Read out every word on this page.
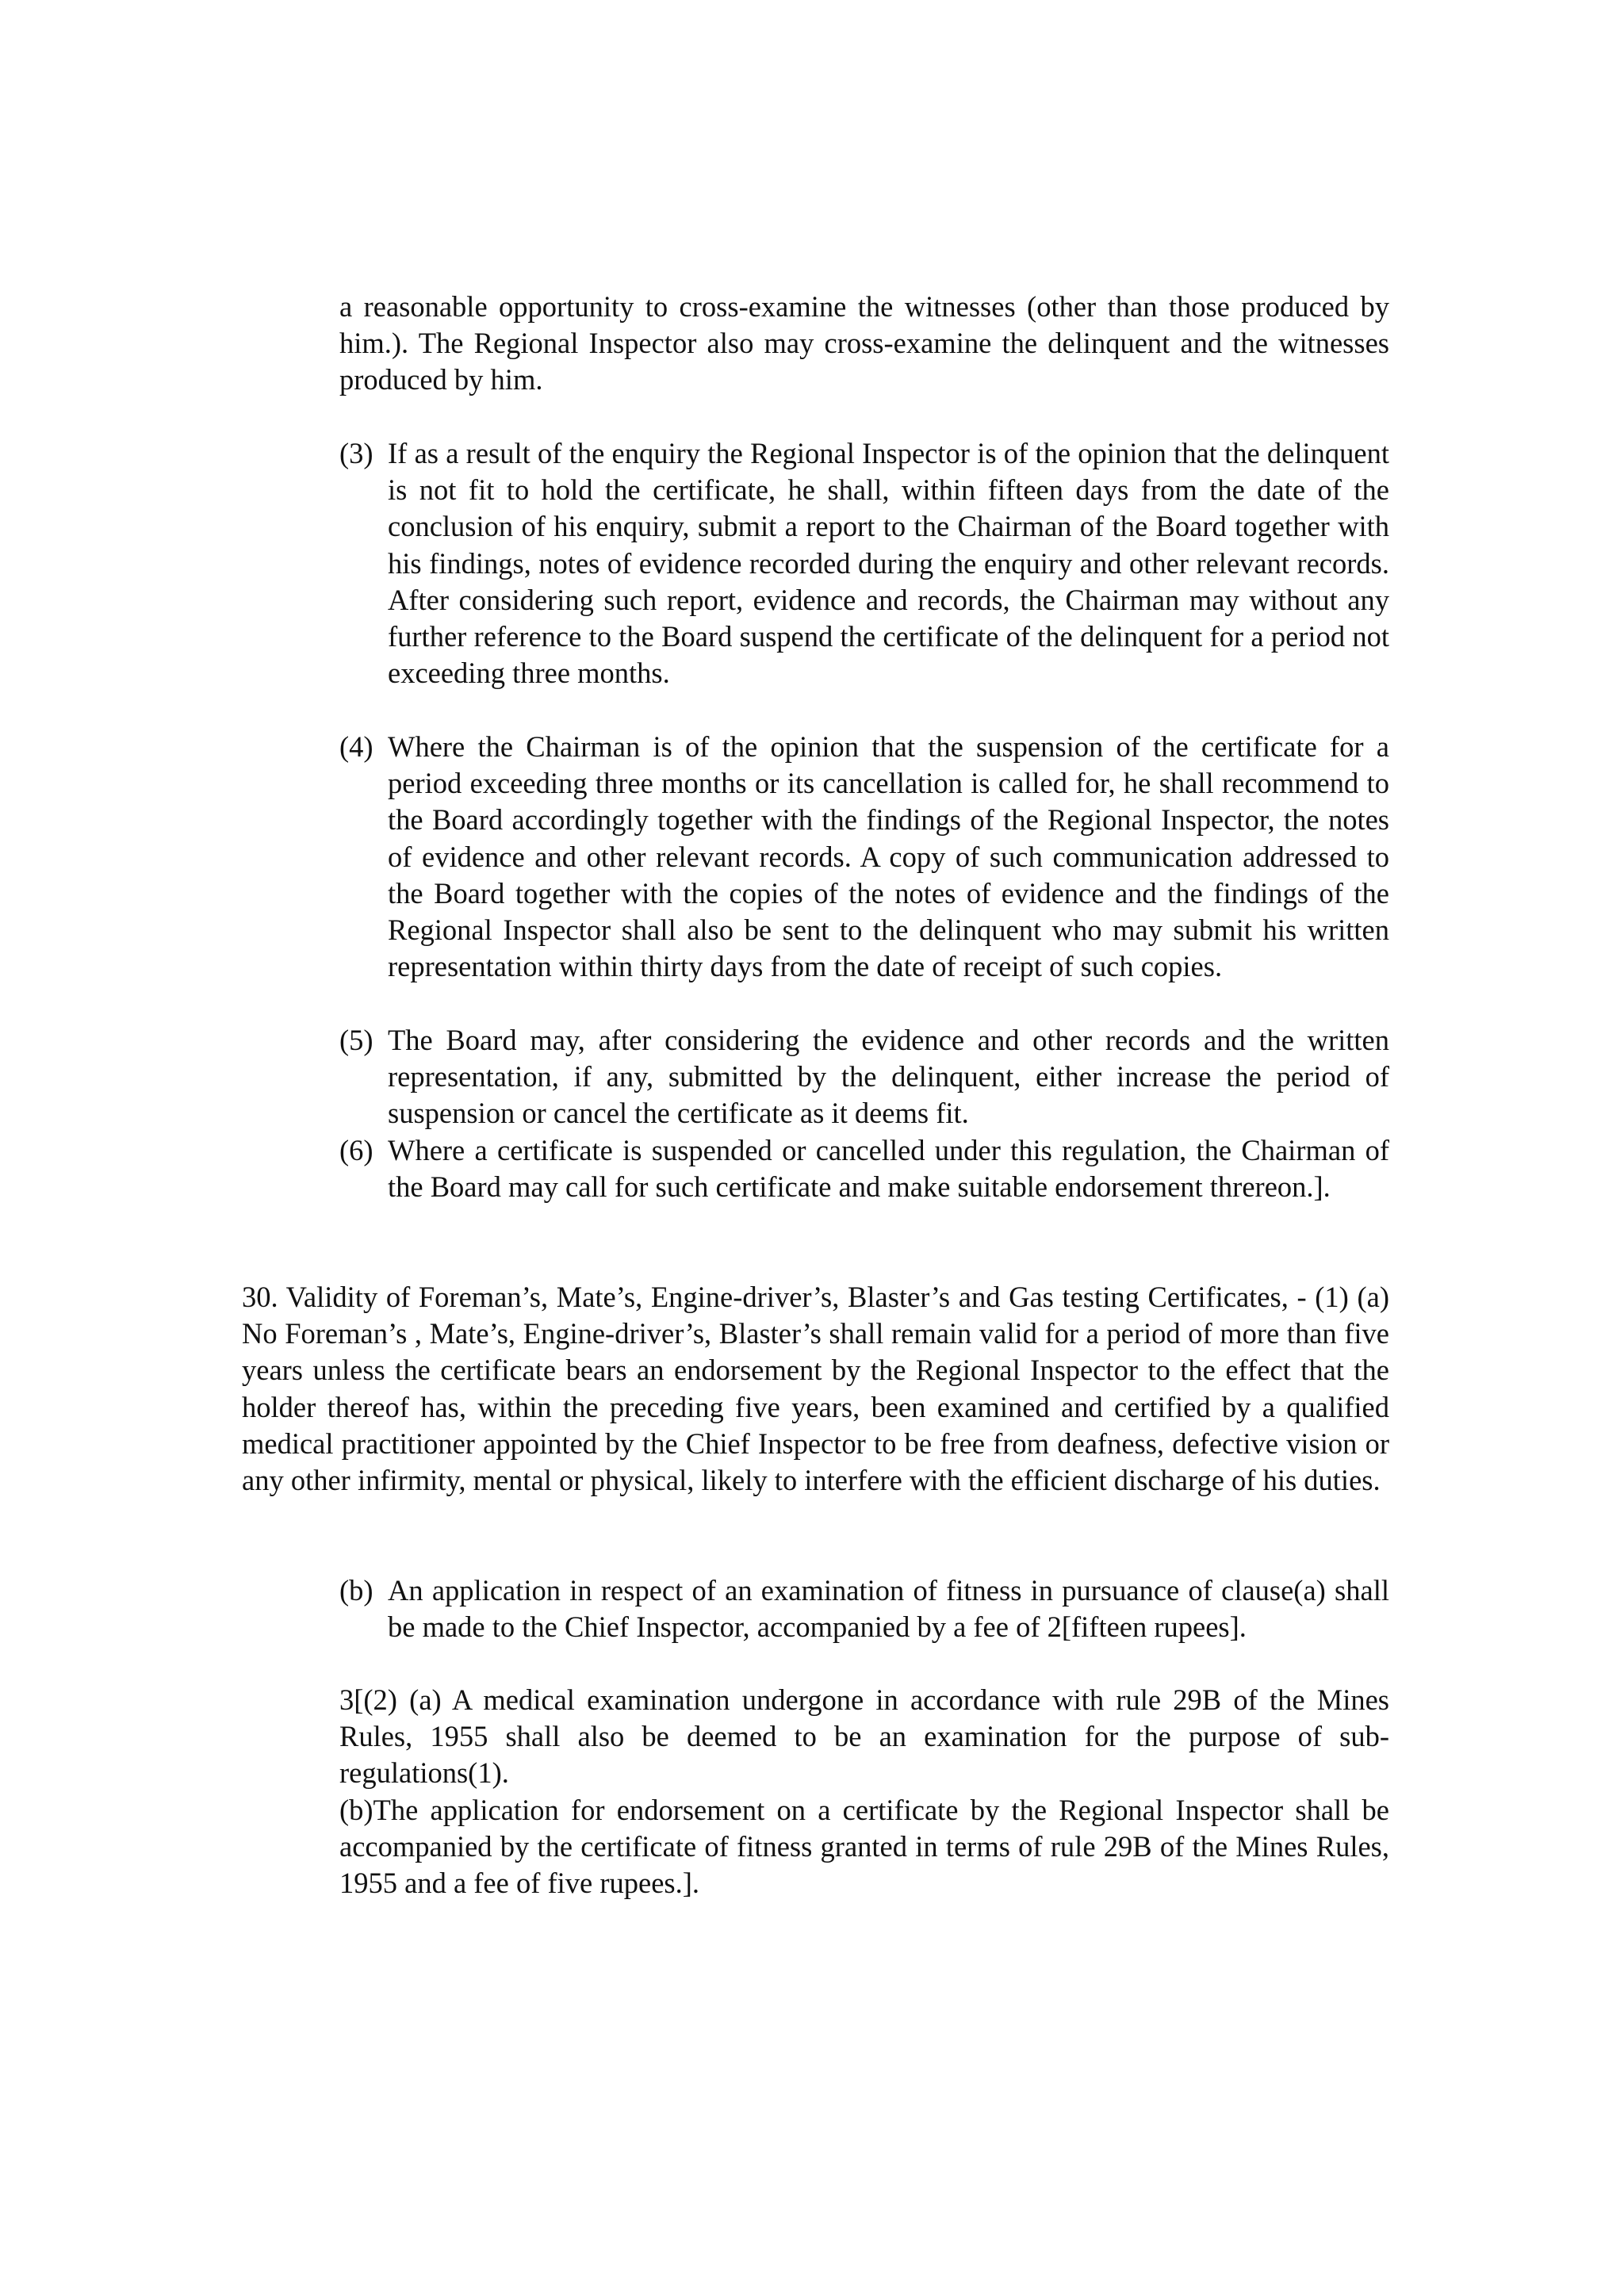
a reasonable opportunity to cross-examine the witnesses (other than those produced by him.). The Regional Inspector also may cross-examine the delinquent and the witnesses produced by him.

(3) If as a result of the enquiry the Regional Inspector is of the opinion that the delinquent is not fit to hold the certificate, he shall, within fifteen days from the date of the conclusion of his enquiry, submit a report to the Chairman of the Board together with his findings, notes of evidence recorded during the enquiry and other relevant records. After considering such report, evidence and records, the Chairman may without any further reference to the Board suspend the certificate of the delinquent for a period not exceeding three months.
(4) Where the Chairman is of the opinion that the suspension of the certificate for a period exceeding three months or its cancellation is called for, he shall recommend to the Board accordingly together with the findings of the Regional Inspector, the notes of evidence and other relevant records. A copy of such communication addressed to the Board together with the copies of the notes of evidence and the findings of the Regional Inspector shall also be sent to the delinquent who may submit his written representation within thirty days from the date of receipt of such copies.
(5) The Board may, after considering the evidence and other records and the written representation, if any, submitted by the delinquent, either increase the period of suspension or cancel the certificate as it deems fit.
(6) Where a certificate is suspended or cancelled under this regulation, the Chairman of the Board may call for such certificate and make suitable endorsement threreon.].

30. Validity of Foreman’s, Mate’s, Engine-driver’s, Blaster’s and Gas testing Certificates, - (1) (a) No Foreman’s , Mate’s, Engine-driver’s, Blaster’s shall remain valid for a period of more than five years unless the certificate bears an endorsement by the Regional Inspector to the effect that the holder thereof has, within the preceding five years, been examined and certified by a qualified medical practitioner appointed by the Chief Inspector to be free from deafness, defective vision or any other infirmity, mental or physical, likely to interfere with the efficient discharge of his duties.

(b) An application in respect of an examination of fitness in pursuance of clause(a) shall be made to the Chief Inspector, accompanied by a fee of 2[fifteen rupees].

3[(2) (a) A medical examination undergone in accordance with rule 29B of the Mines Rules, 1955 shall also be deemed to be an examination for the purpose of sub-regulations(1).

(b)The application for endorsement on a certificate by the Regional Inspector shall be accompanied by the certificate of fitness granted in terms of rule 29B of the Mines Rules, 1955 and a fee of five rupees.].
